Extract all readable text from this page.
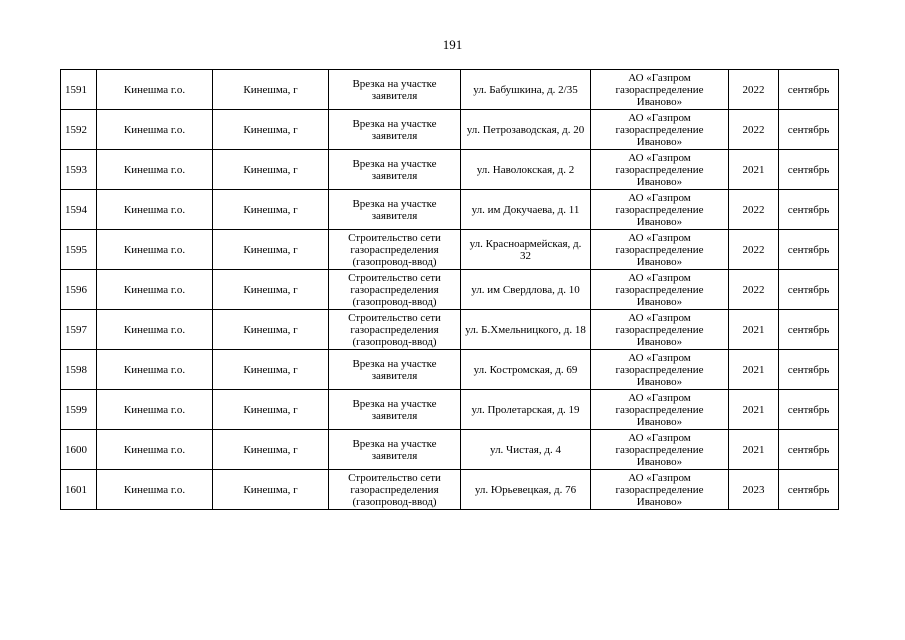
191
1591	Кинешма г.о.	Кинешма, г	Врезка на участке заявителя	ул. Бабушкина, д. 2/35	АО «Газпром газораспределение Иваново»	2022	сентябрь
1592	Кинешма г.о.	Кинешма, г	Врезка на участке заявителя	ул. Петрозаводская, д. 20	АО «Газпром газораспределение Иваново»	2022	сентябрь
1593	Кинешма г.о.	Кинешма, г	Врезка на участке заявителя	ул. Наволокская, д. 2	АО «Газпром газораспределение Иваново»	2021	сентябрь
1594	Кинешма г.о.	Кинешма, г	Врезка на участке заявителя	ул. им Докучаева, д. 11	АО «Газпром газораспределение Иваново»	2022	сентябрь
1595	Кинешма г.о.	Кинешма, г	Строительство сети газораспределения (газопровод-ввод)	ул. Красноармейская, д. 32	АО «Газпром газораспределение Иваново»	2022	сентябрь
1596	Кинешма г.о.	Кинешма, г	Строительство сети газораспределения (газопровод-ввод)	ул. им Свердлова, д. 10	АО «Газпром газораспределение Иваново»	2022	сентябрь
1597	Кинешма г.о.	Кинешма, г	Строительство сети газораспределения (газопровод-ввод)	ул. Б.Хмельницкого, д. 18	АО «Газпром газораспределение Иваново»	2021	сентябрь
1598	Кинешма г.о.	Кинешма, г	Врезка на участке заявителя	ул. Костромская, д. 69	АО «Газпром газораспределение Иваново»	2021	сентябрь
1599	Кинешма г.о.	Кинешма, г	Врезка на участке заявителя	ул. Пролетарская, д. 19	АО «Газпром газораспределение Иваново»	2021	сентябрь
1600	Кинешма г.о.	Кинешма, г	Врезка на участке заявителя	ул. Чистая, д. 4	АО «Газпром газораспределение Иваново»	2021	сентябрь
1601	Кинешма г.о.	Кинешма, г	Строительство сети газораспределения (газопровод-ввод)	ул. Юрьевецкая, д. 76	АО «Газпром газораспределение Иваново»	2023	сентябрь
